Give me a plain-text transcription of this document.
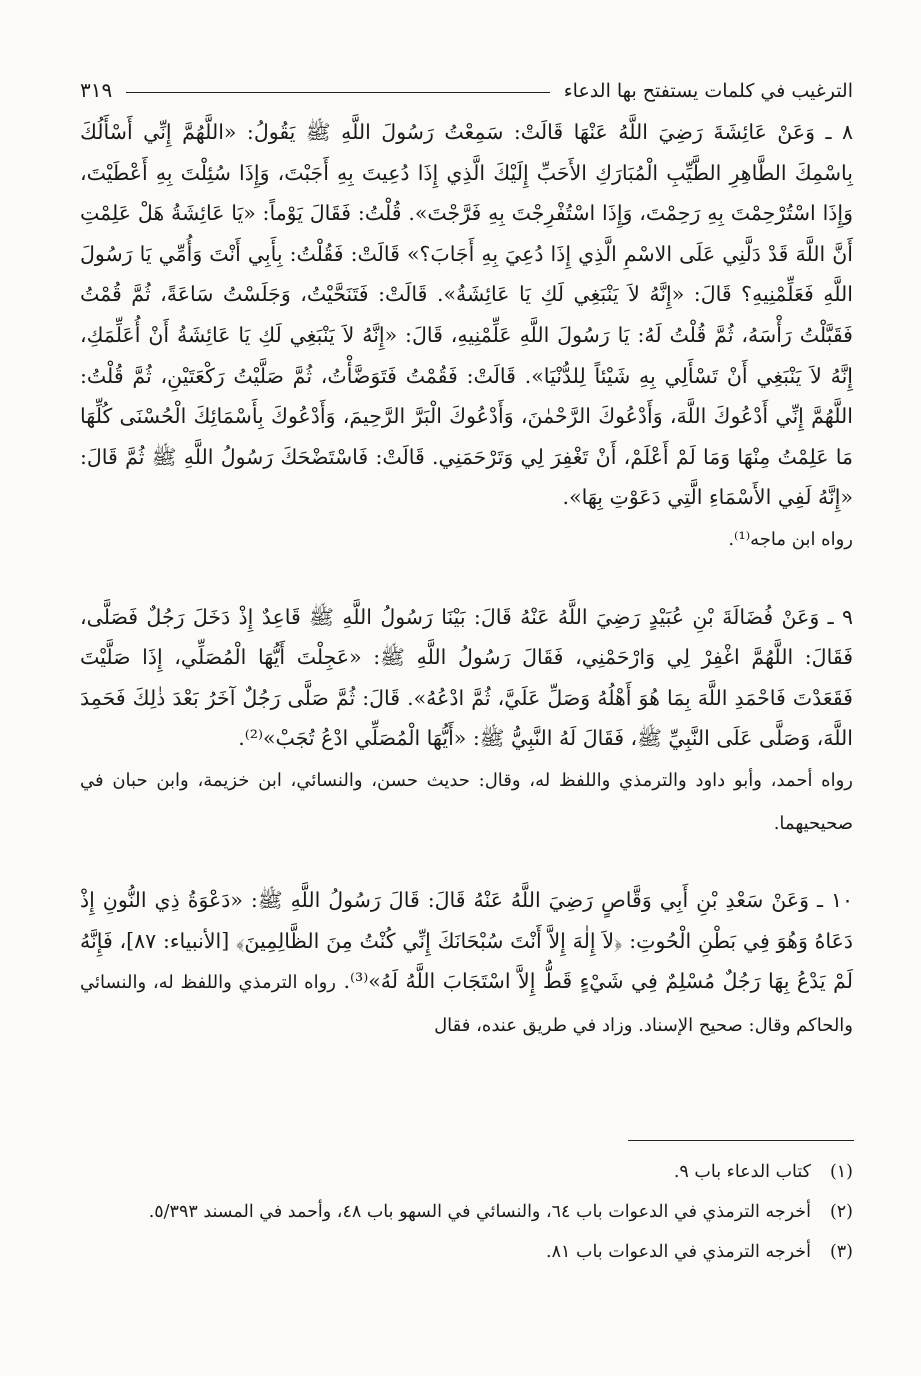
الترغيب في كلمات يستفتح بها الدعاء
٣١٩

٨ ـ وَعَنْ عَائِشَةَ رَضِيَ اللَّهُ عَنْهَا قَالَتْ: سَمِعْتُ رَسُولَ اللَّهِ ﷺ يَقُولُ: «اللَّهُمَّ إِنِّي أَسْأَلُكَ بِاسْمِكَ الطَّاهِرِ الطَّيِّبِ الْمُبَارَكِ الأَحَبِّ إِلَيْكَ الَّذِي إِذَا دُعِيتَ بِهِ أَجَبْتَ، وَإِذَا سُئِلْتَ بِهِ أَعْطَيْتَ، وَإِذَا اسْتُرْحِمْتَ بِهِ رَحِمْتَ، وَإِذَا اسْتُفْرِجْتَ بِهِ فَرَّجْتَ». قُلْتُ: فَقَالَ يَوْماً: «يَا عَائِشَةُ هَلْ عَلِمْتِ أَنَّ اللَّهَ قَدْ دَلَّنِي عَلَى الاسْمِ الَّذِي إِذَا دُعِيَ بِهِ أَجَابَ؟» قَالَتْ: فَقُلْتُ: بِأَبِي أَنْتَ وَأُمِّي يَا رَسُولَ اللَّهِ فَعَلِّمْنِيهِ؟ قَالَ: «إِنَّهُ لاَ يَنْبَغِي لَكِ يَا عَائِشَةُ». قَالَتْ: فَتَنَحَّيْتُ، وَجَلَسْتُ سَاعَةً، ثُمَّ قُمْتُ فَقَبَّلْتُ رَأْسَهُ، ثُمَّ قُلْتُ لَهُ: يَا رَسُولَ اللَّهِ عَلِّمْنِيهِ، قَالَ: «إِنَّهُ لاَ يَنْبَغِي لَكِ يَا عَائِشَةُ أَنْ أُعَلِّمَكِ، إِنَّهُ لاَ يَنْبَغِي أَنْ تَسْأَلِي بِهِ شَيْئاً لِلدُّنْيَا». قَالَتْ: فَقُمْتُ فَتَوَضَّأْتُ، ثُمَّ صَلَّيْتُ رَكْعَتَيْنِ، ثُمَّ قُلْتُ: اللَّهُمَّ إِنِّي أَدْعُوكَ اللَّهَ، وَأَدْعُوكَ الرَّحْمٰنَ، وَأَدْعُوكَ الْبَرَّ الرَّحِيمَ، وَأَدْعُوكَ بِأَسْمَائِكَ الْحُسْنَى كُلِّهَا مَا عَلِمْتُ مِنْهَا وَمَا لَمْ أَعْلَمْ، أَنْ تَغْفِرَ لِي وَتَرْحَمَنِي. قَالَتْ: فَاسْتَضْحَكَ رَسُولُ اللَّهِ ﷺ ثُمَّ قَالَ: «إِنَّهُ لَفِي الأَسْمَاءِ الَّتِي دَعَوْتِ بِهَا».
رواه ابن ماجه⁽¹⁾.

٩ ـ وَعَنْ فُضَالَةَ بْنِ عُبَيْدٍ رَضِيَ اللَّهُ عَنْهُ قَالَ: بَيْنَا رَسُولُ اللَّهِ ﷺ قَاعِدٌ إِذْ دَخَلَ رَجُلٌ فَصَلَّى، فَقَالَ: اللَّهُمَّ اغْفِرْ لِي وَارْحَمْنِي، فَقَالَ رَسُولُ اللَّهِ ﷺ: «عَجِلْتَ أَيُّهَا الْمُصَلِّي، إِذَا صَلَّيْتَ فَقَعَدْتَ فَاحْمَدِ اللَّهَ بِمَا هُوَ أَهْلُهُ وَصَلِّ عَلَيَّ، ثُمَّ ادْعُهُ». قَالَ: ثُمَّ صَلَّى رَجُلٌ آخَرُ بَعْدَ ذٰلِكَ فَحَمِدَ اللَّهَ، وَصَلَّى عَلَى النَّبِيِّ ﷺ، فَقَالَ لَهُ النَّبِيُّ ﷺ: «أَيُّهَا الْمُصَلِّي ادْعُ تُجَبْ»⁽²⁾.
رواه أحمد، وأبو داود والترمذي واللفظ له، وقال: حديث حسن، والنسائي، ابن خزيمة، وابن حبان في صحيحيهما.

١٠ ـ وَعَنْ سَعْدِ بْنِ أَبِي وَقَّاصٍ رَضِيَ اللَّهُ عَنْهُ قَالَ: قَالَ رَسُولُ اللَّهِ ﷺ: «دَعْوَةُ ذِي النُّونِ إِذْ دَعَاهُ وَهُوَ فِي بَطْنِ الْحُوتِ: ﴿لاَ إِلٰهَ إِلاَّ أَنْتَ سُبْحَانَكَ إِنِّي كُنْتُ مِنَ الظَّالِمِينَ﴾ [الأنبياء: ٨٧]، فَإِنَّهُ لَمْ يَدْعُ بِهَا رَجُلٌ مُسْلِمٌ فِي شَيْءٍ قَطُّ إِلاَّ اسْتَجَابَ اللَّهُ لَهُ»⁽³⁾. رواه الترمذي واللفظ له، والنسائي والحاكم وقال: صحيح الإسناد. وزاد في طريق عنده، فقال

(١)
كتاب الدعاء باب ٩.
(٢)
أخرجه الترمذي في الدعوات باب ٦٤، والنسائي في السهو باب ٤٨، وأحمد في المسند ٥/٣٩٣.
(٣)
أخرجه الترمذي في الدعوات باب ٨١.
